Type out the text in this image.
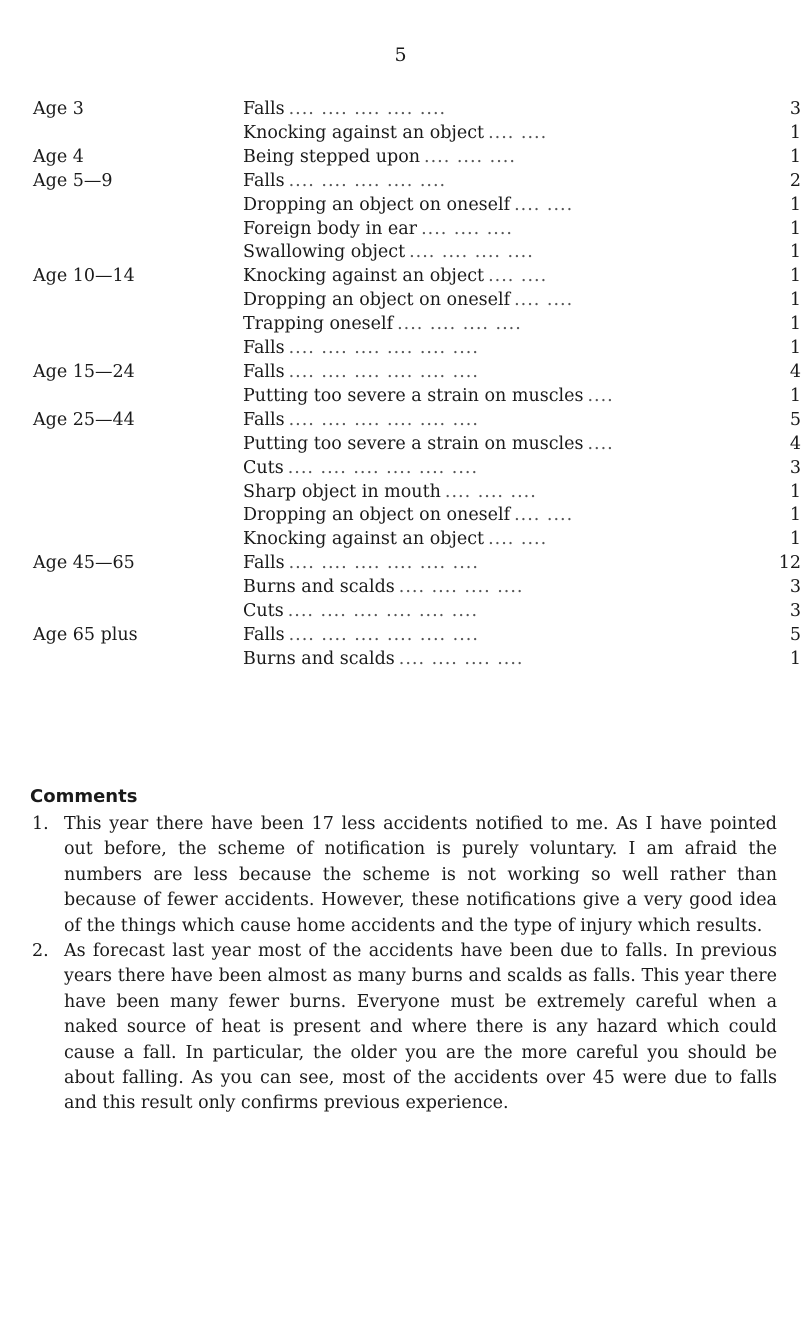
5
Age 3	Falls .... .... .... .... ....	3
	Knocking against an object .... ....	1
Age 4	Being stepped upon .... .... ....	1
Age 5—9	Falls .... .... .... .... ....	2
	Dropping an object on oneself .... ....	1
	Foreign body in ear .... .... ....	1
	Swallowing object .... .... .... ....	1
Age 10—14	Knocking against an object .... ....	1
	Dropping an object on oneself .... ....	1
	Trapping oneself .... .... .... ....	1
	Falls .... .... .... .... .... ....	1
Age 15—24	Falls .... .... .... .... .... ....	4
	Putting too severe a strain on muscles ....	1
Age 25—44	Falls .... .... .... .... .... ....	5
	Putting too severe a strain on muscles ....	4
	Cuts .... .... .... .... .... ....	3
	Sharp object in mouth .... .... ....	1
	Dropping an object on oneself .... ....	1
	Knocking against an object .... ....	1
Age 45—65	Falls .... .... .... .... .... ....	12
	Burns and scalds .... .... .... ....	3
	Cuts .... .... .... .... .... ....	3
Age 65 plus	Falls .... .... .... .... .... ....	5
	Burns and scalds .... .... .... ....	1
Comments
1. This year there have been 17 less accidents notified to me. As I have pointed out before, the scheme of notification is purely voluntary. I am afraid the numbers are less because the scheme is not working so well rather than because of fewer accidents. However, these notifications give a very good idea of the things which cause home accidents and the type of injury which results.
2. As forecast last year most of the accidents have been due to falls. In previous years there have been almost as many burns and scalds as falls. This year there have been many fewer burns. Everyone must be extremely careful when a naked source of heat is present and where there is any hazard which could cause a fall. In particular, the older you are the more careful you should be about falling. As you can see, most of the accidents over 45 were due to falls and this result only confirms previous experience.
